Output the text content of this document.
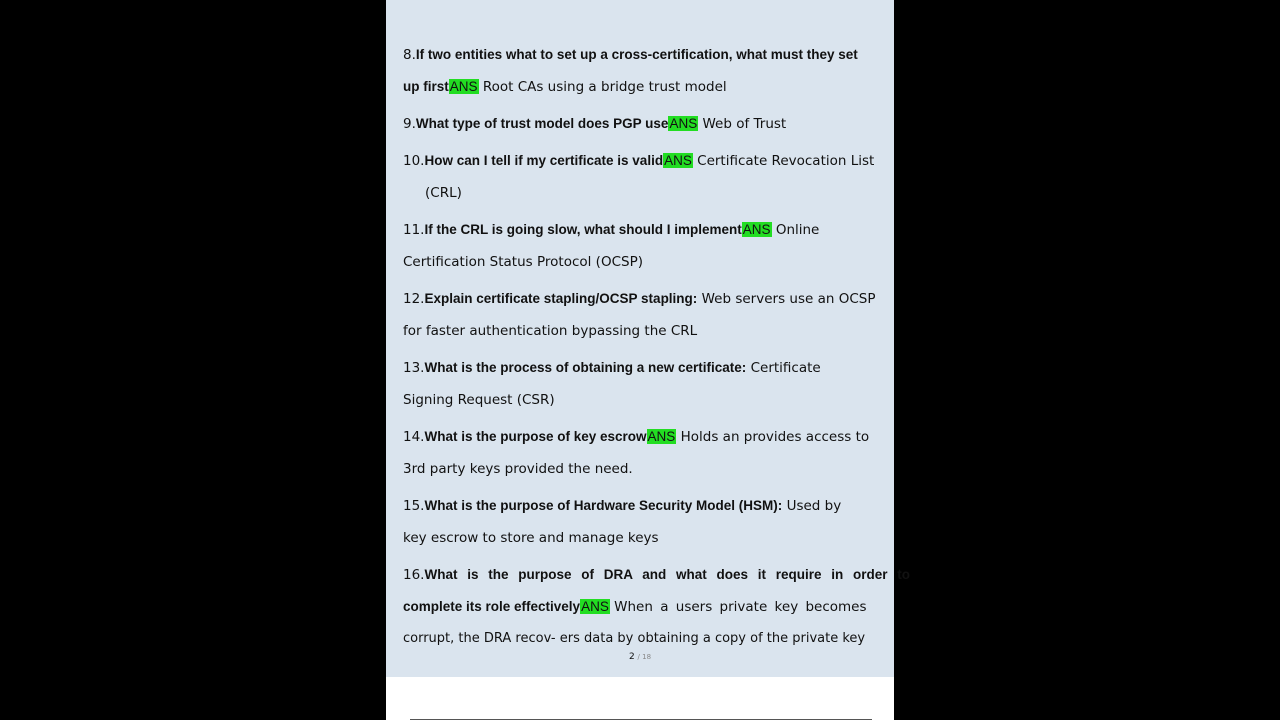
8.If two entities what to set up a cross-certification, what must they set
up firstANS Root CAs using a bridge trust model
9.What type of trust model does PGP useANS Web of Trust
10.How can I tell if my certificate is validANS Certificate Revocation List
(CRL)
11.If the CRL is going slow, what should I implementANS Online
Certification Status Protocol (OCSP)
12.Explain certificate stapling/OCSP stapling: Web servers use an OCSP
for faster authentication bypassing the CRL
13.What is the process of obtaining a new certificate: Certificate
Signing Request (CSR)
14.What is the purpose of key escrowANS Holds an provides access to
3rd party keys provided the need.
15.What is the purpose of Hardware Security Model (HSM): Used by
key escrow to store and manage keys
16.What is the purpose of DRA and what does it require in order to
complete its role effectivelyANS When a users private key becomes
corrupt, the DRA recov- ers data by obtaining a copy of the private key
2 / 18
